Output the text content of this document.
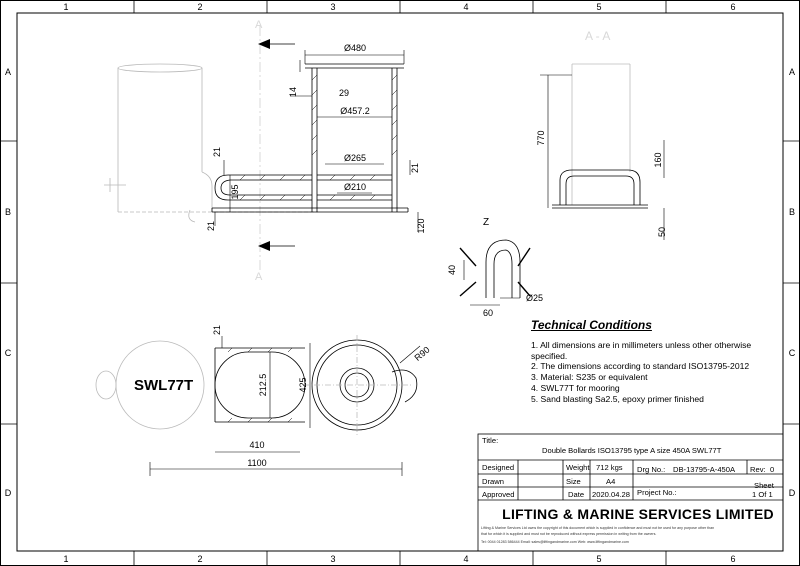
1	2	3	4	5	6
1	2	3	4	5	6
A
B
C
D
A
B
C
D
A
A
Ø480
29
Ø457.2
Ø265
Ø210
14
21
195
21
21
120
A - A
770
160
50
Z
40
60
Ø25
SWL77T
21
212.5	425
R90
410
1100
Technical Conditions
1. All dimensions are in millimeters unless other otherwise specified.
2. The dimensions according to standard ISO13795-2012
3. Material: S235 or equivalent
4. SWL77T for mooring
5. Sand blasting Sa2.5, epoxy primer finished
Title:
Double Bollards ISO13795 type A size 450A SWL77T
Designed
Drawn
Approved
Weight 712 kgs
Size	A4
Date 2020.04.28
Drg No.: DB-13795-A-450A Rev: 0
Project No.:
Sheet
1 Of 1
LIFTING & MARINE SERVICES LIMITED
Lifting & Marine Services Ltd owns the copyright of this document which is supplied in confidence and must not be used for any purpose other than
that for which it is supplied and must not be reproduced without express permission in writing from the owners.
Tel: 0044 01283 586444 Email: sales@liftingandmarine.com Web: www.liftingandmarine.com
